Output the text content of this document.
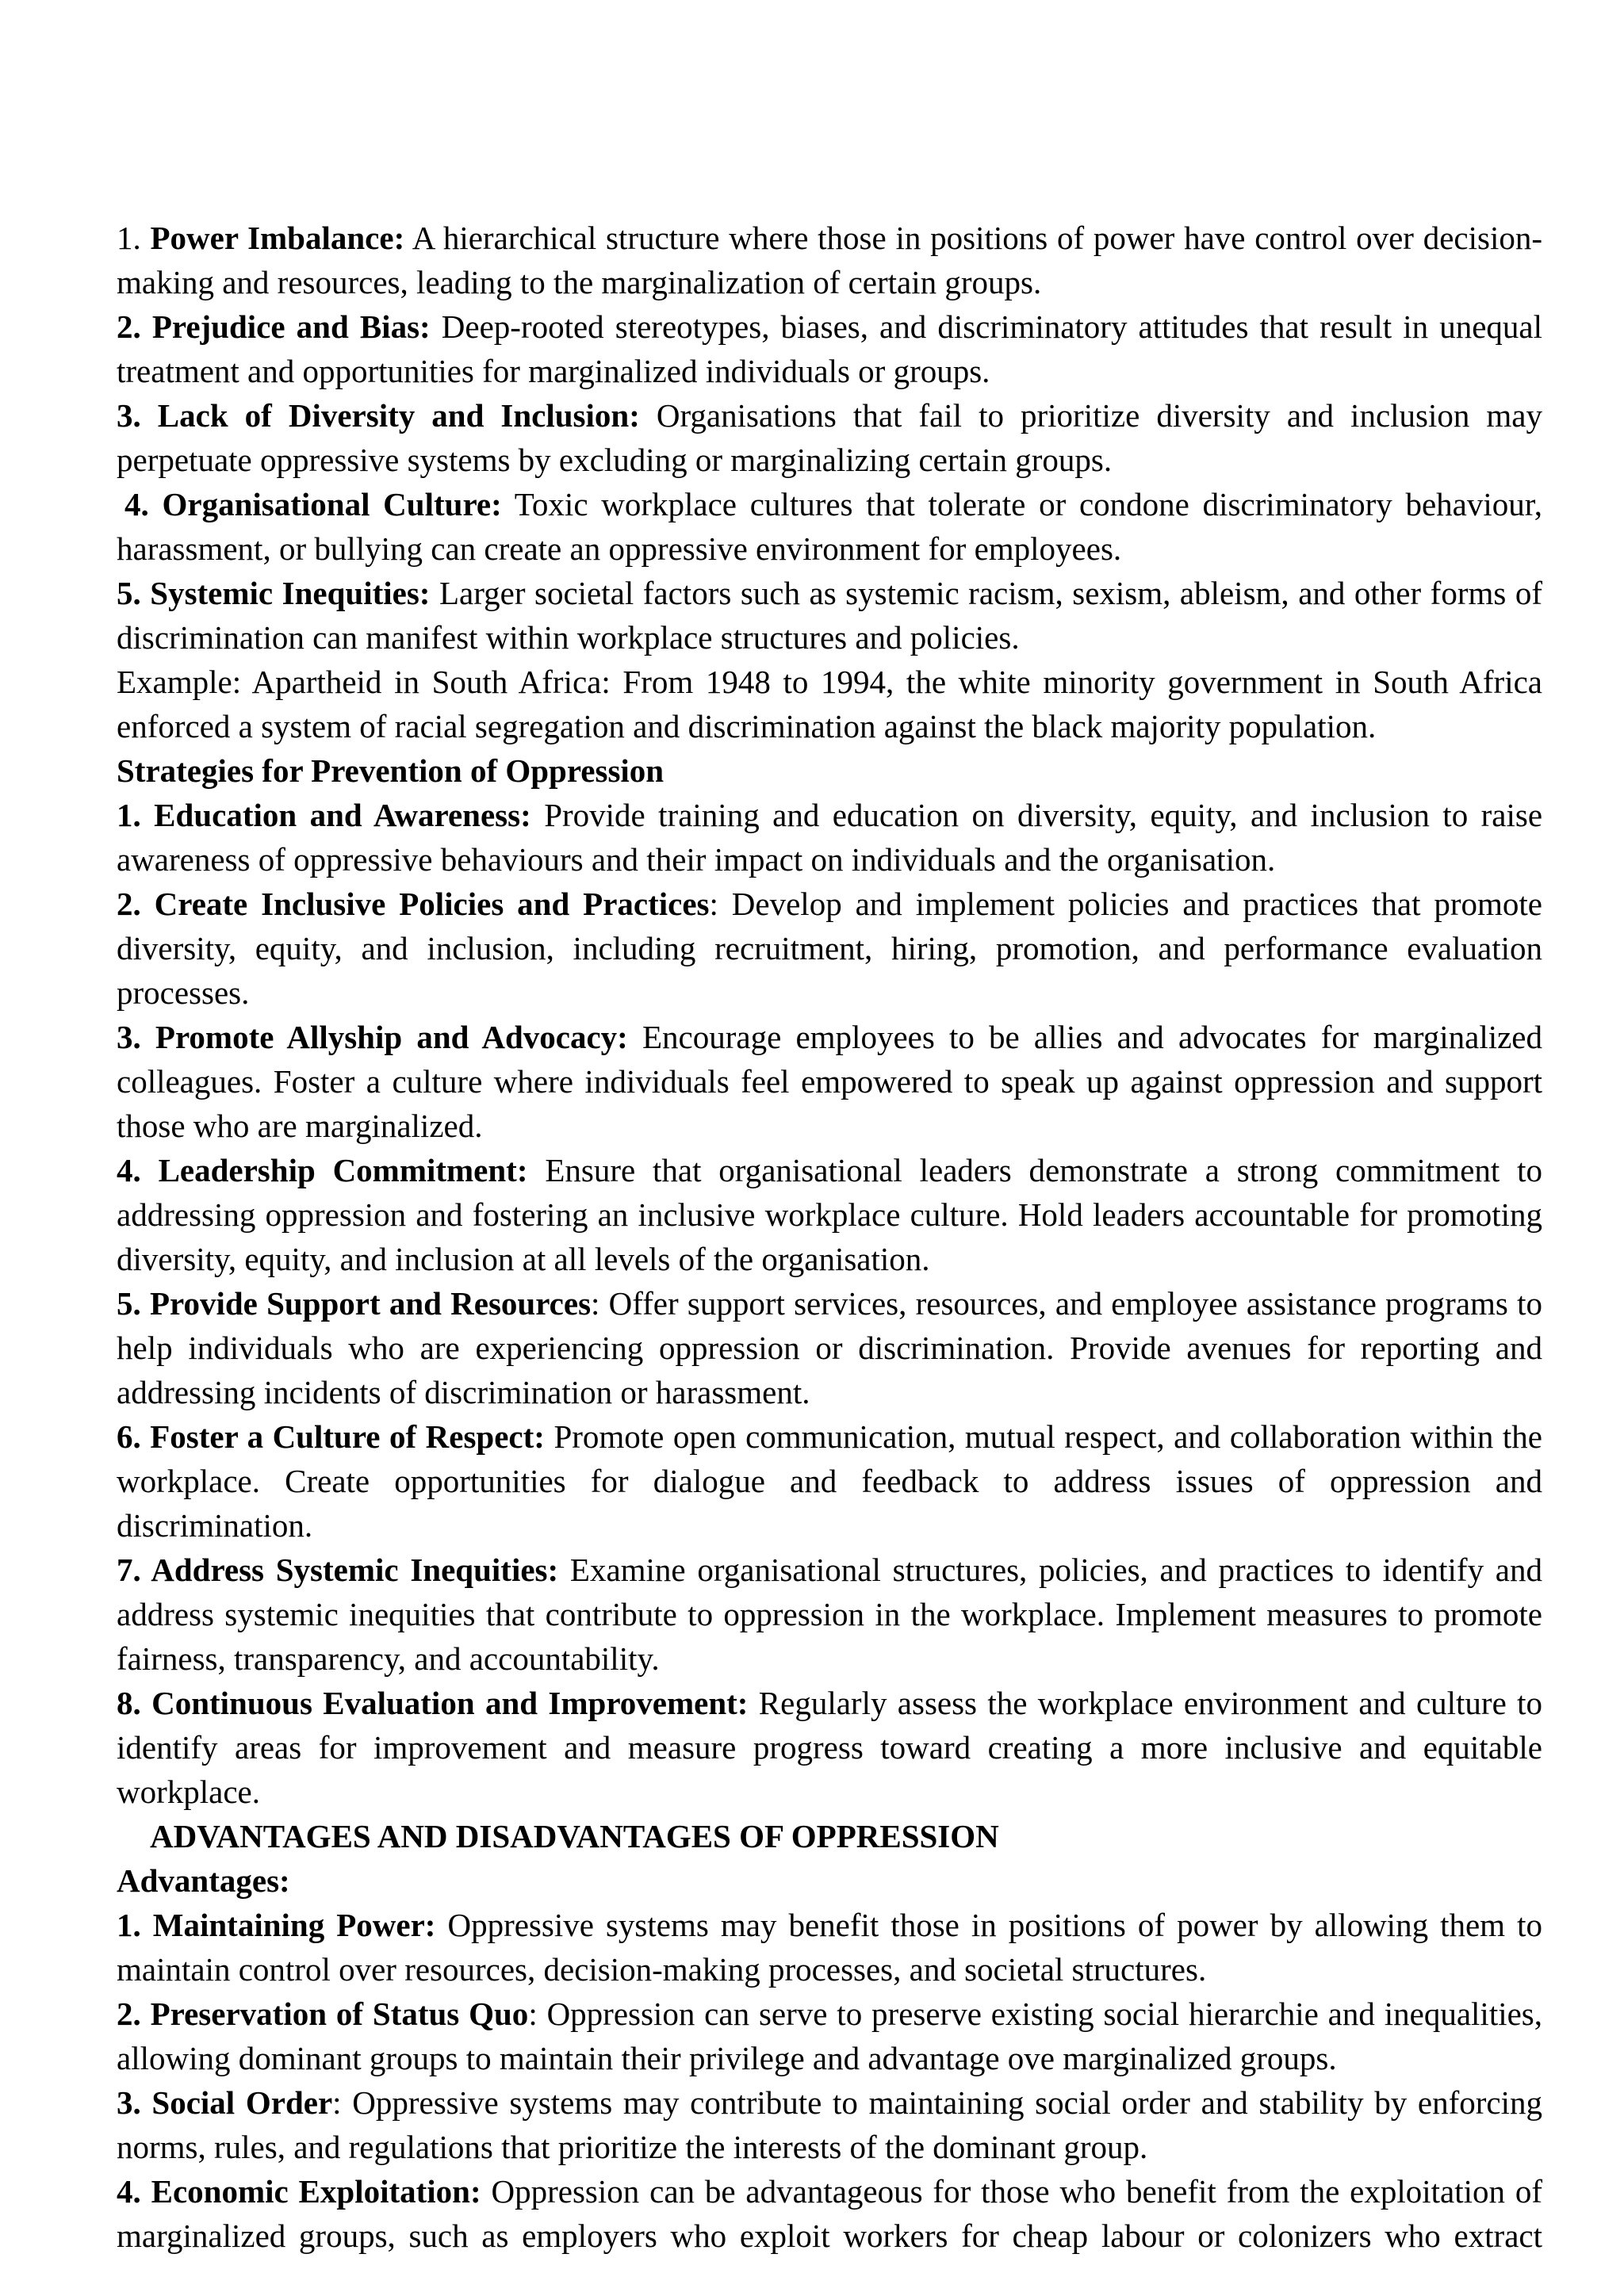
1. Power Imbalance: A hierarchical structure where those in positions of power have control over decision-making and resources, leading to the marginalization of certain groups.

2. Prejudice and Bias: Deep-rooted stereotypes, biases, and discriminatory attitudes that result in unequal treatment and opportunities for marginalized individuals or groups.

3. Lack of Diversity and Inclusion: Organisations that fail to prioritize diversity and inclusion may perpetuate oppressive systems by excluding or marginalizing certain groups.

4. Organisational Culture: Toxic workplace cultures that tolerate or condone discriminatory behaviour, harassment, or bullying can create an oppressive environment for employees.

5. Systemic Inequities: Larger societal factors such as systemic racism, sexism, ableism, and other forms of discrimination can manifest within workplace structures and policies.

Example: Apartheid in South Africa: From 1948 to 1994, the white minority government in South Africa enforced a system of racial segregation and discrimination against the black majority population.

Strategies for Prevention of Oppression

1. Education and Awareness: Provide training and education on diversity, equity, and inclusion to raise awareness of oppressive behaviours and their impact on individuals and the organisation.

2. Create Inclusive Policies and Practices: Develop and implement policies and practices that promote diversity, equity, and inclusion, including recruitment, hiring, promotion, and performance evaluation processes.

3. Promote Allyship and Advocacy: Encourage employees to be allies and advocates for marginalized colleagues. Foster a culture where individuals feel empowered to speak up against oppression and support those who are marginalized.

4. Leadership Commitment: Ensure that organisational leaders demonstrate a strong commitment to addressing oppression and fostering an inclusive workplace culture. Hold leaders accountable for promoting diversity, equity, and inclusion at all levels of the organisation.

5. Provide Support and Resources: Offer support services, resources, and employee assistance programs to help individuals who are experiencing oppression or discrimination. Provide avenues for reporting and addressing incidents of discrimination or harassment.

6. Foster a Culture of Respect: Promote open communication, mutual respect, and collaboration within the workplace. Create opportunities for dialogue and feedback to address issues of oppression and discrimination.

7. Address Systemic Inequities: Examine organisational structures, policies, and practices to identify and address systemic inequities that contribute to oppression in the workplace. Implement measures to promote fairness, transparency, and accountability.

8. Continuous Evaluation and Improvement: Regularly assess the workplace environment and culture to identify areas for improvement and measure progress toward creating a more inclusive and equitable workplace.

ADVANTAGES AND DISADVANTAGES OF OPPRESSION

Advantages:

1. Maintaining Power: Oppressive systems may benefit those in positions of power by allowing them to maintain control over resources, decision-making processes, and societal structures.

2. Preservation of Status Quo: Oppression can serve to preserve existing social hierarchie and inequalities, allowing dominant groups to maintain their privilege and advantage ove marginalized groups.

3. Social Order: Oppressive systems may contribute to maintaining social order and stability by enforcing norms, rules, and regulations that prioritize the interests of the dominant group.

4. Economic Exploitation: Oppression can be advantageous for those who benefit from the exploitation of marginalized groups, such as employers who exploit workers for cheap labour or colonizers who extract
